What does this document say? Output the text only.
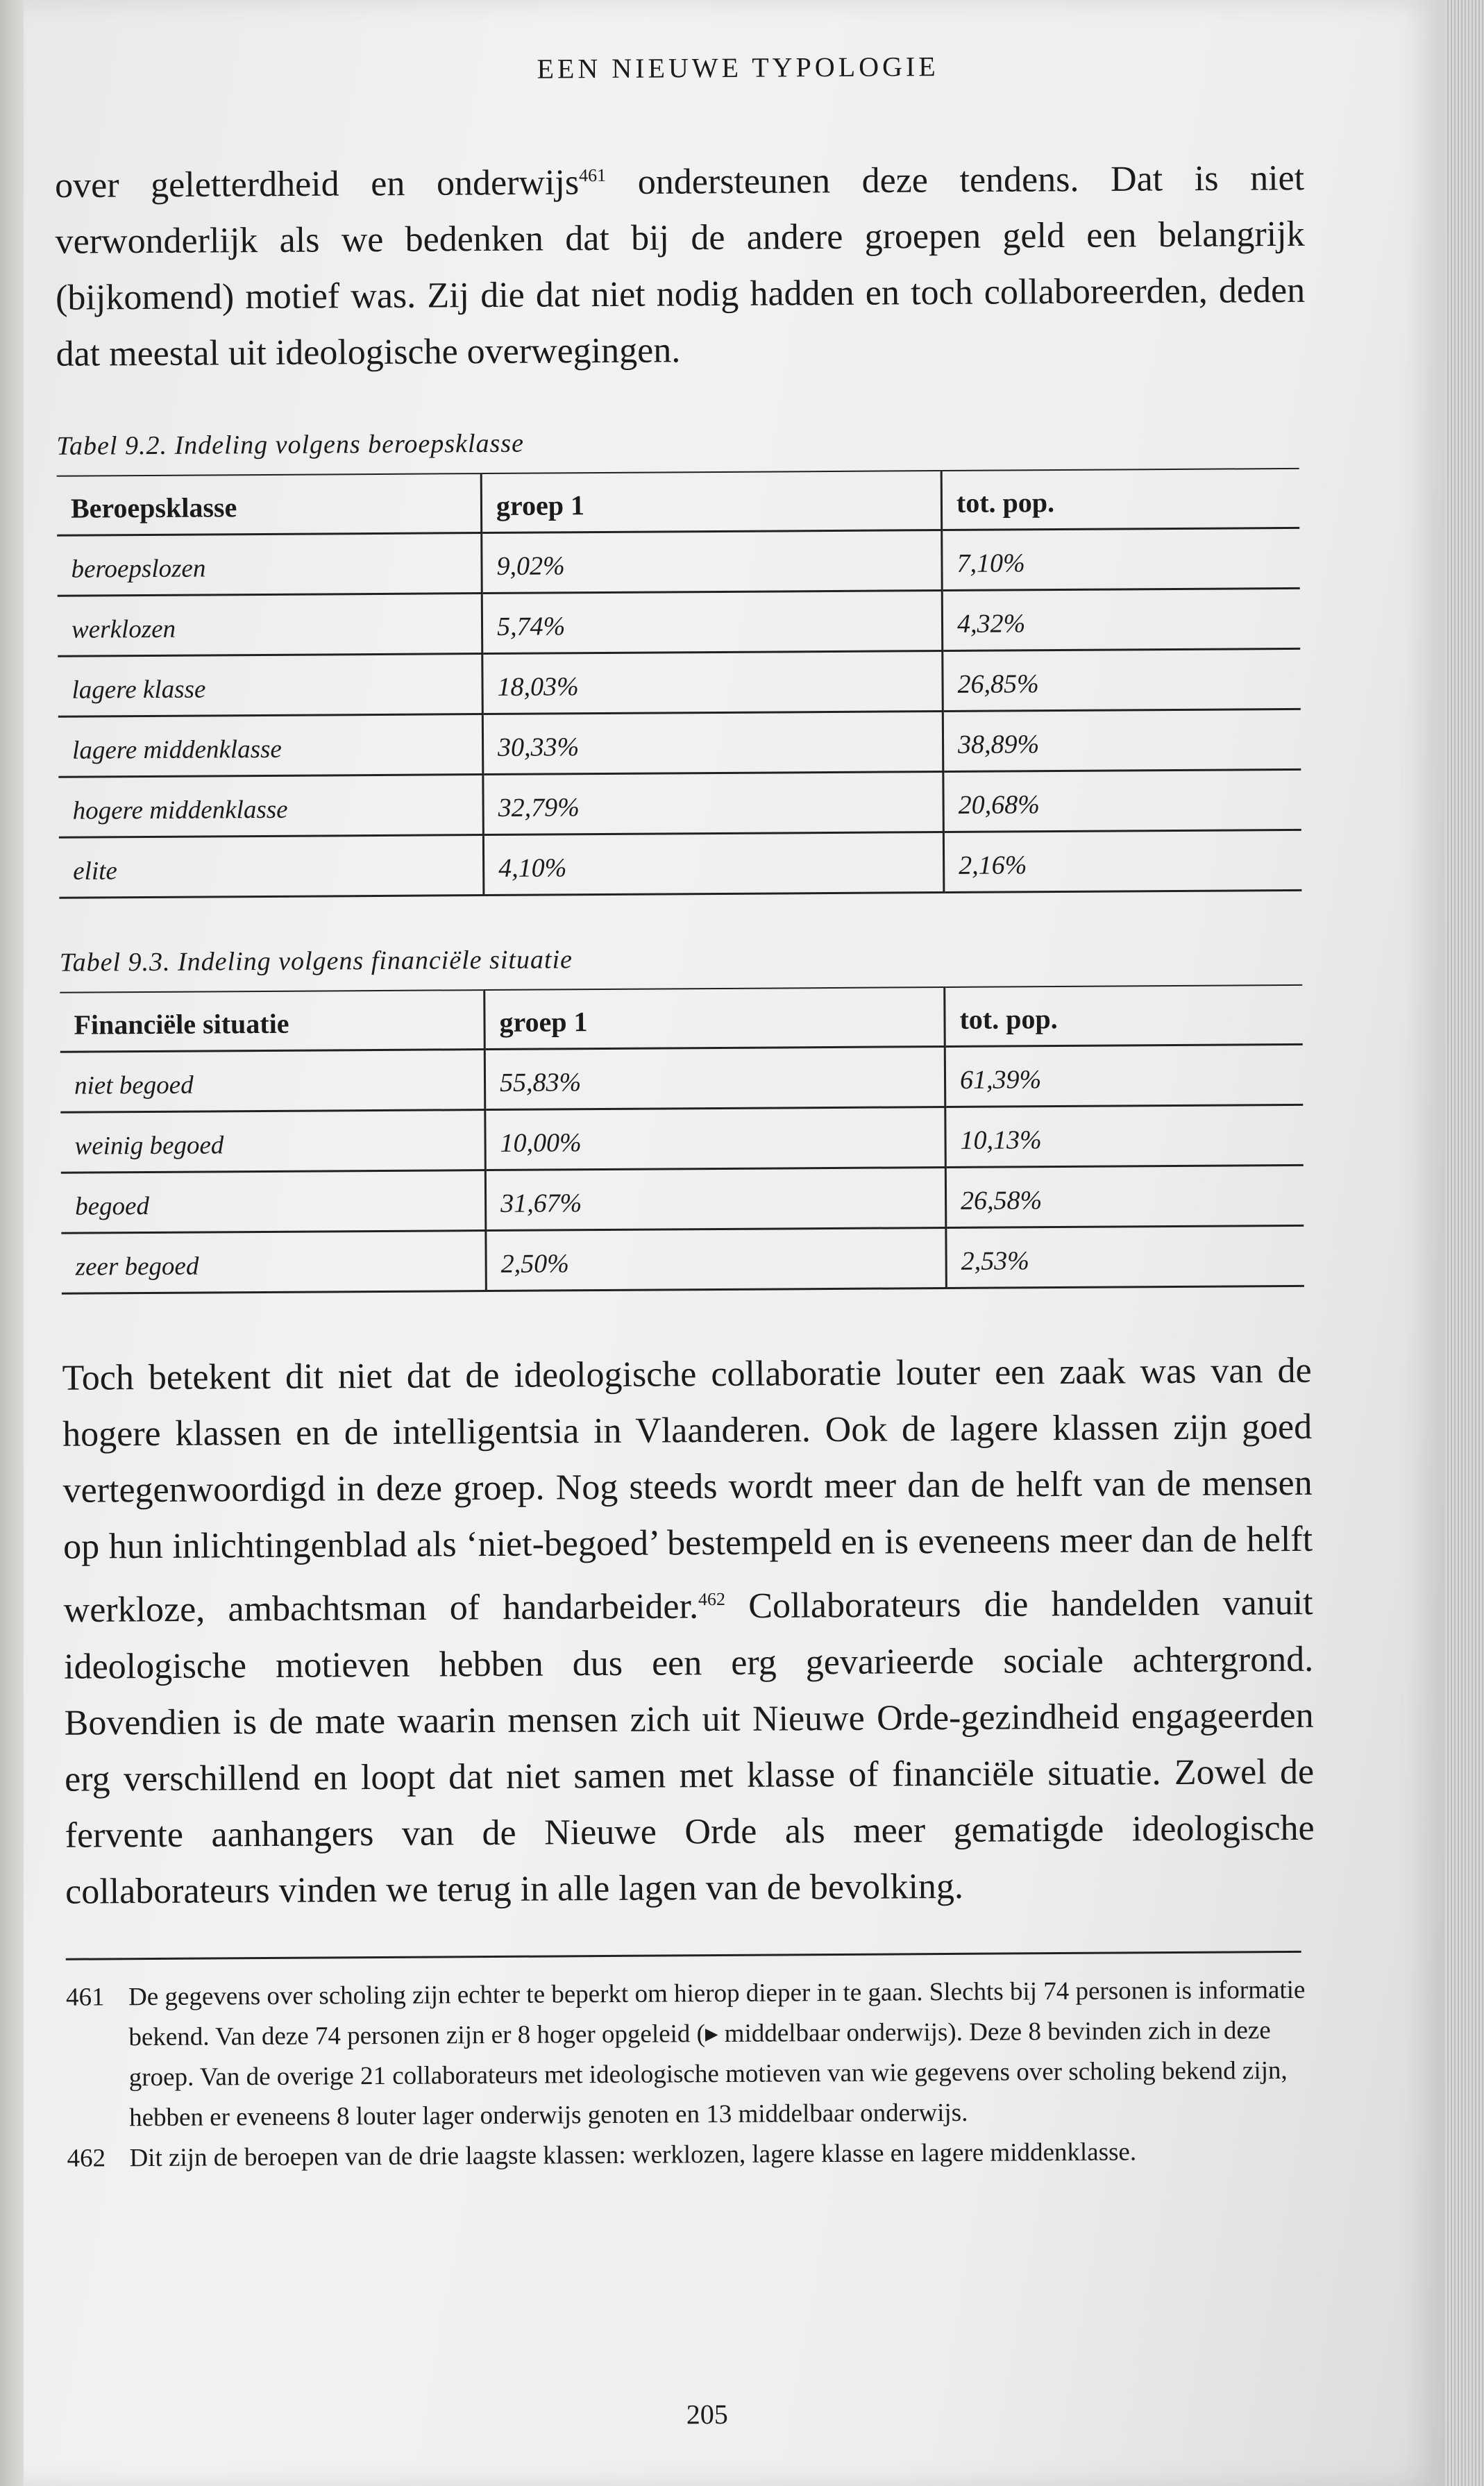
EEN NIEUWE TYPOLOGIE

over geletterdheid en onderwijs$^{461}$ ondersteunen deze tendens. Dat is niet verwonderlijk als we bedenken dat bij de andere groepen geld een belangrijk (bijkomend) motief was. Zij die dat niet nodig hadden en toch collaboreerden, deden dat meestal uit ideologische overwegingen.

Tabel 9.2. Indeling volgens beroepsklasse
Beroepsklasse	groep 1	tot. pop.
beroepslozen	9,02%	7,10%
werklozen	5,74%	4,32%
lagere klasse	18,03%	26,85%
lagere middenklasse	30,33%	38,89%
hogere middenklasse	32,79%	20,68%
elite	4,10%	2,16%
Tabel 9.3. Indeling volgens financiële situatie
Financiële situatie	groep 1	tot. pop.
niet begoed	55,83%	61,39%
weinig begoed	10,00%	10,13%
begoed	31,67%	26,58%
zeer begoed	2,50%	2,53%

Toch betekent dit niet dat de ideologische collaboratie louter een zaak was van de hogere klassen en de intelligentsia in Vlaanderen. Ook de lagere klassen zijn goed vertegenwoordigd in deze groep. Nog steeds wordt meer dan de helft van de mensen op hun inlichtingenblad als ‘niet-begoed’ bestempeld en is eveneens meer dan de helft werkloze, ambachtsman of handarbeider.$^{462}$ Collaborateurs die handelden vanuit ideologische motieven hebben dus een erg gevarieerde sociale achtergrond. Bovendien is de mate waarin mensen zich uit Nieuwe Orde-gezindheid engageerden erg verschillend en loopt dat niet samen met klasse of financiële situatie. Zowel de fervente aanhangers van de Nieuwe Orde als meer gematigde ideologische collaborateurs vinden we terug in alle lagen van de bevolking.

461 De gegevens over scholing zijn echter te beperkt om hierop dieper in te gaan. Slechts bij 74 personen is informatie bekend. Van deze 74 personen zijn er 8 hoger opgeleid (▸ middelbaar onderwijs). Deze 8 bevinden zich in deze groep. Van de overige 21 collaborateurs met ideologische motieven van wie gegevens over scholing bekend zijn, hebben er eveneens 8 louter lager onderwijs genoten en 13 middelbaar onderwijs.
462 Dit zijn de beroepen van de drie laagste klassen: werklozen, lagere klasse en lagere middenklasse.
205
